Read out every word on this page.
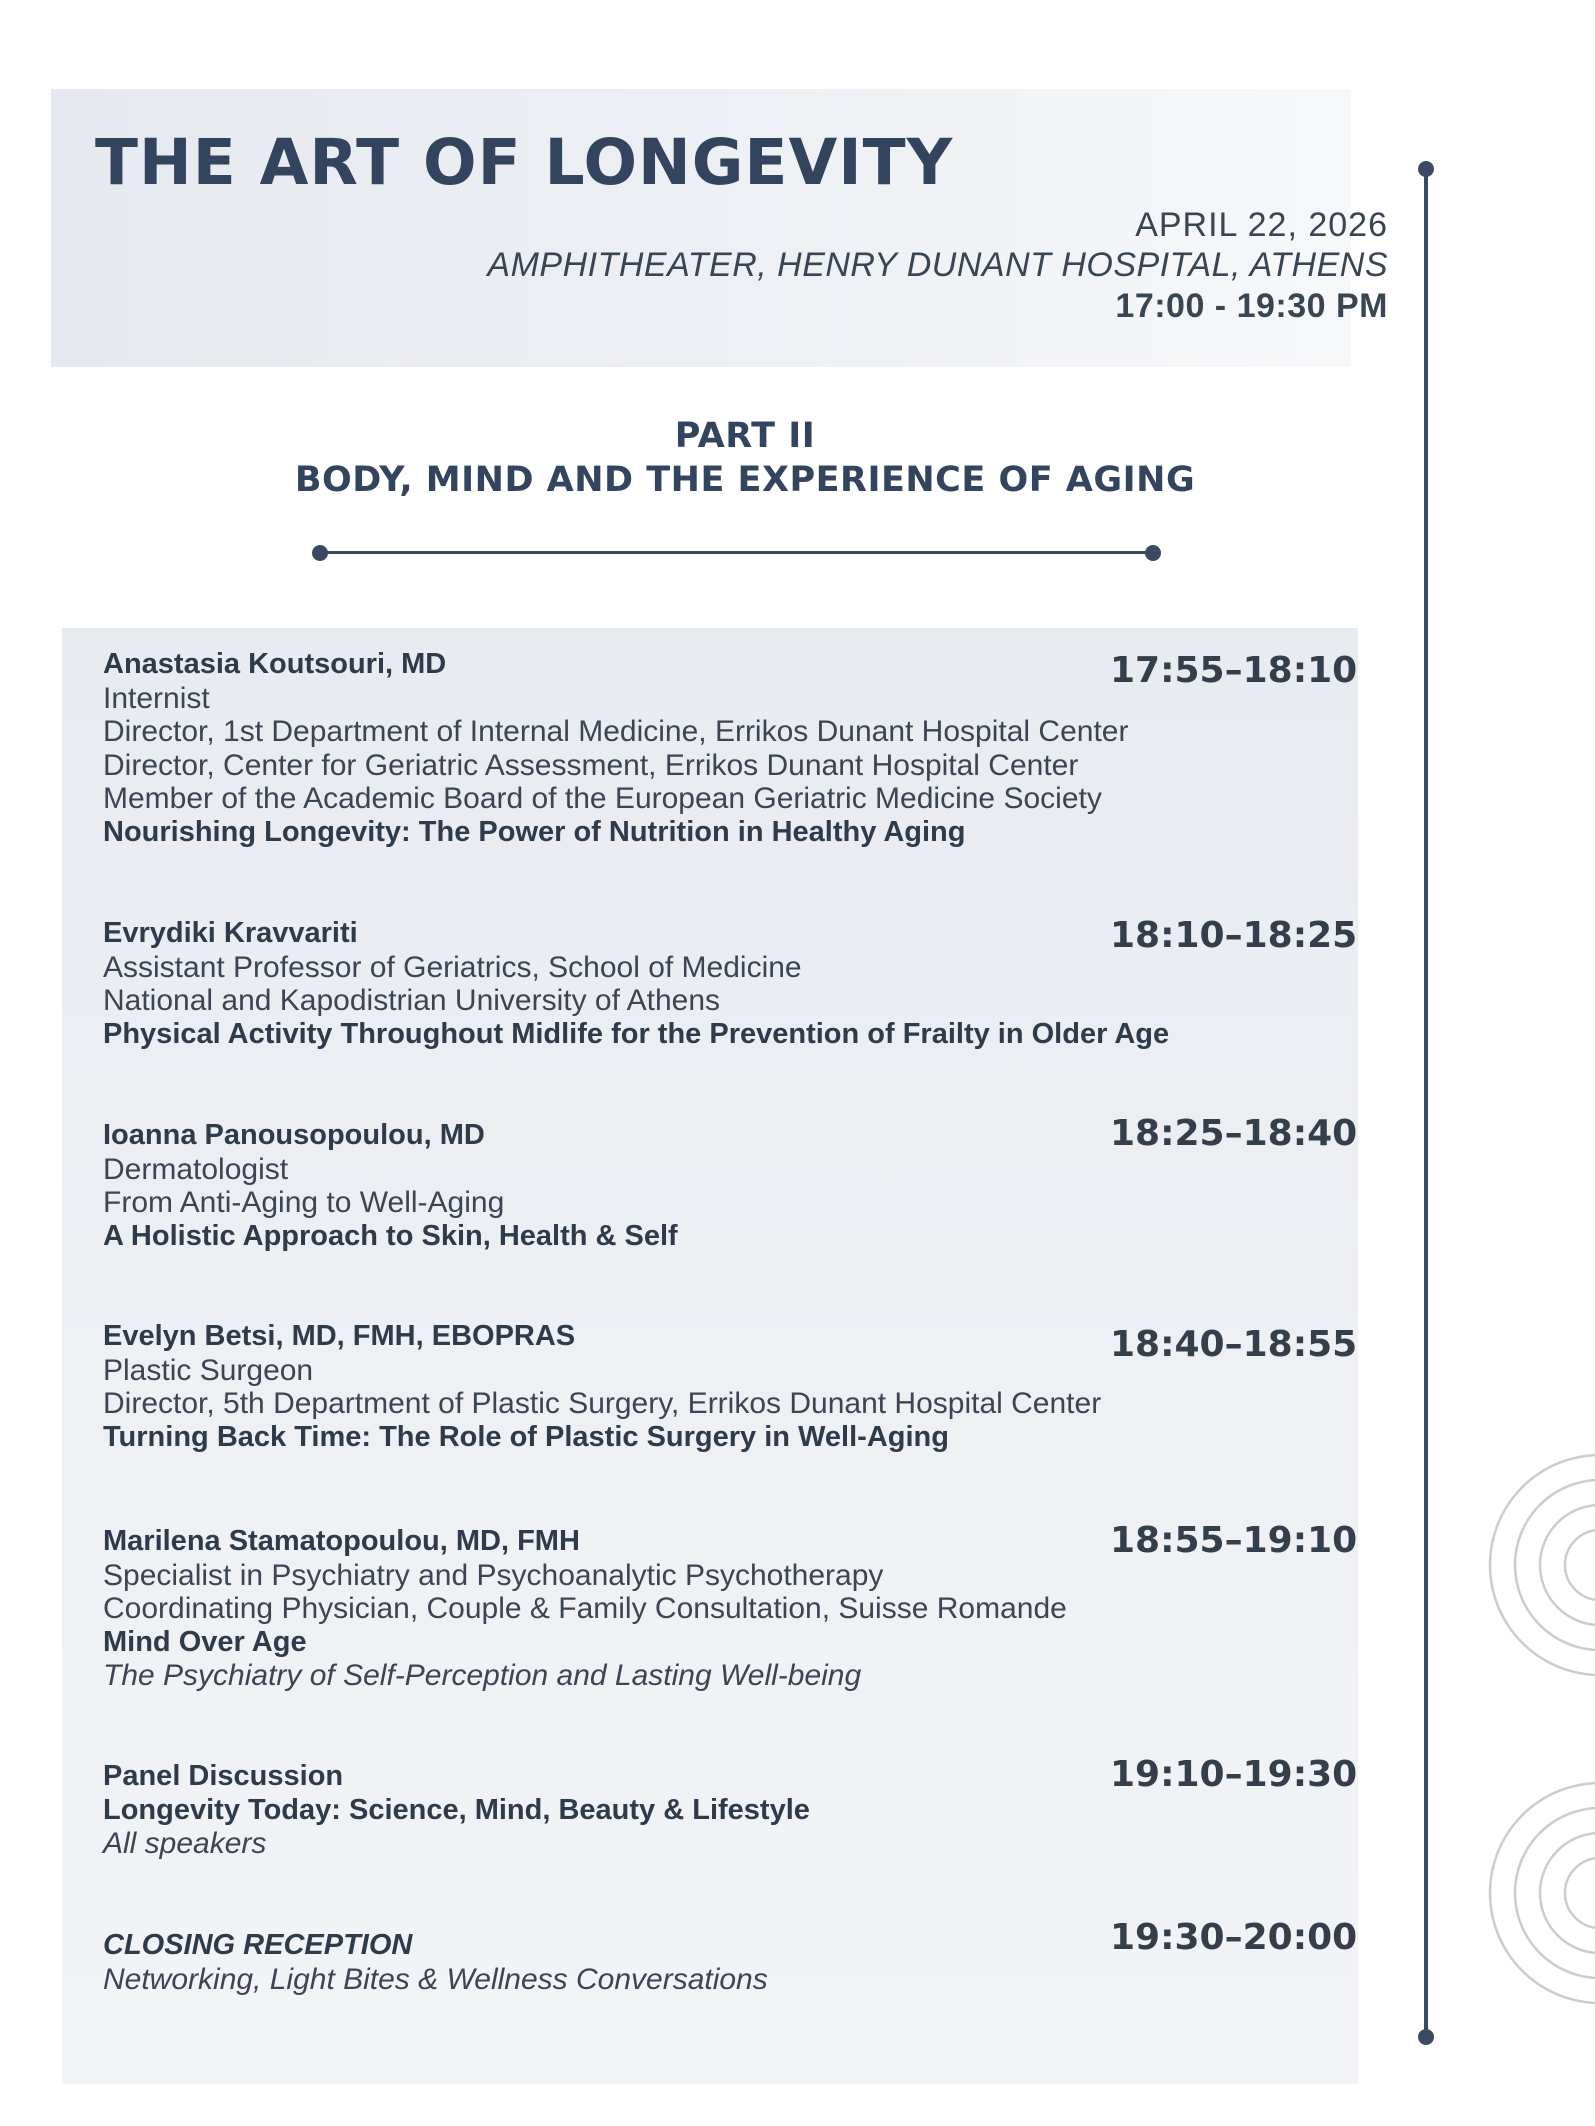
THE ART OF LONGEVITY
APRIL 22, 2026
AMPHITHEATER, HENRY DUNANT HOSPITAL, ATHENS
17:00 - 19:30 PM
PART II
BODY, MIND AND THE EXPERIENCE OF AGING
17:55–18:10
Anastasia Koutsouri, MD
Internist
Director, 1st Department of Internal Medicine, Errikos Dunant Hospital Center
Director, Center for Geriatric Assessment, Errikos Dunant Hospital Center
Member of the Academic Board of the European Geriatric Medicine Society
Nourishing Longevity: The Power of Nutrition in Healthy Aging
18:10–18:25
Evrydiki Kravvariti
Assistant Professor of Geriatrics, School of Medicine
National and Kapodistrian University of Athens
Physical Activity Throughout Midlife for the Prevention of Frailty in Older Age
18:25–18:40
Ioanna Panousopoulou, MD
Dermatologist
From Anti-Aging to Well-Aging
A Holistic Approach to Skin, Health & Self
18:40–18:55
Evelyn Betsi, MD, FMH, EBOPRAS
Plastic Surgeon
Director, 5th Department of Plastic Surgery, Errikos Dunant Hospital Center
Turning Back Time: The Role of Plastic Surgery in Well-Aging
18:55–19:10
Marilena Stamatopoulou, MD, FMH
Specialist in Psychiatry and Psychoanalytic Psychotherapy
Coordinating Physician, Couple & Family Consultation, Suisse Romande
Mind Over Age
The Psychiatry of Self-Perception and Lasting Well-being
19:10–19:30
Panel Discussion
Longevity Today: Science, Mind, Beauty & Lifestyle
All speakers
19:30–20:00
CLOSING RECEPTION
Networking, Light Bites & Wellness Conversations
